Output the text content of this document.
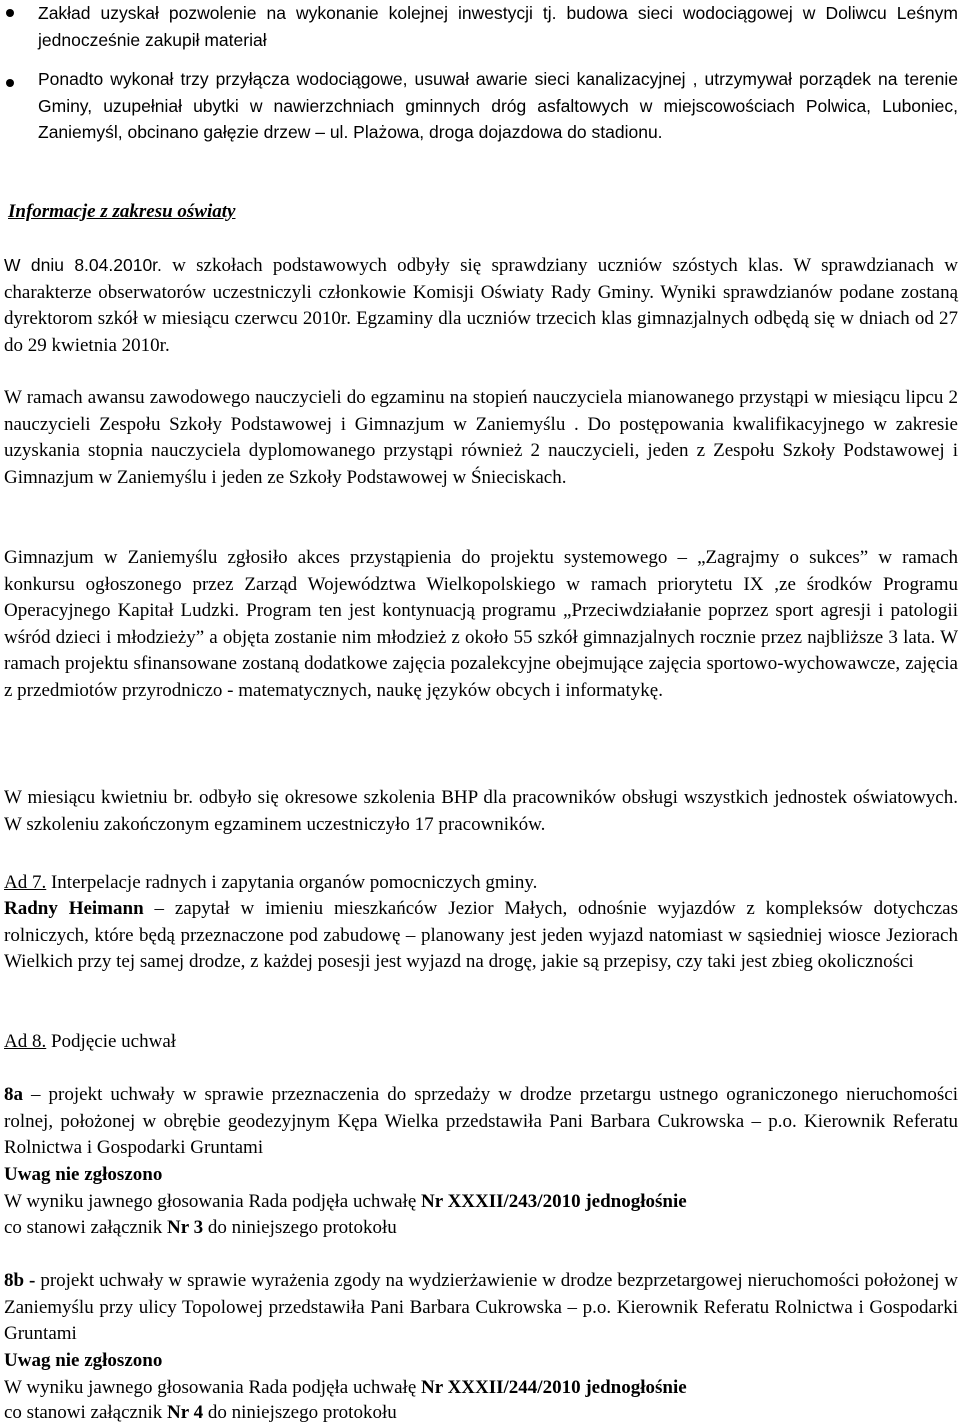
Zakład uzyskał pozwolenie na wykonanie kolejnej inwestycji tj. budowa sieci wodociągowej w Doliwcu Leśnym jednocześnie zakupił materiał

Ponadto wykonał trzy przyłącza wodociągowe, usuwał awarie sieci kanalizacyjnej , utrzymywał porządek na terenie Gminy, uzupełniał ubytki w nawierzchniach gminnych dróg asfaltowych w miejscowościach Polwica, Luboniec, Zaniemyśl, obcinano gałęzie drzew – ul. Plażowa, droga dojazdowa do stadionu.

Informacje z zakresu oświaty

W dniu 8.04.2010r. w szkołach podstawowych odbyły się sprawdziany uczniów szóstych klas. W sprawdzianach w charakterze obserwatorów uczestniczyli członkowie Komisji Oświaty Rady Gminy. Wyniki sprawdzianów podane zostaną dyrektorom szkół w miesiącu czerwcu 2010r. Egzaminy dla uczniów trzecich klas gimnazjalnych odbędą się w dniach od 27 do 29 kwietnia 2010r.

W ramach awansu zawodowego nauczycieli do egzaminu na stopień nauczyciela mianowanego przystąpi w miesiącu lipcu 2 nauczycieli Zespołu Szkoły Podstawowej i Gimnazjum w Zaniemyślu . Do postępowania kwalifikacyjnego w zakresie uzyskania stopnia nauczyciela dyplomowanego przystąpi również 2 nauczycieli, jeden z Zespołu Szkoły Podstawowej i Gimnazjum w Zaniemyślu i jeden ze Szkoły Podstawowej w Śnieciskach.

Gimnazjum w Zaniemyślu zgłosiło akces przystąpienia do projektu systemowego – „Zagrajmy o sukces” w ramach konkursu ogłoszonego przez Zarząd Województwa Wielkopolskiego w ramach priorytetu IX ,ze środków Programu Operacyjnego Kapitał Ludzki. Program ten jest kontynuacją programu „Przeciwdziałanie poprzez sport agresji i patologii wśród dzieci i młodzieży” a objęta zostanie nim młodzież z około 55 szkół gimnazjalnych rocznie przez najbliższe 3 lata. W ramach projektu sfinansowane zostaną dodatkowe zajęcia pozalekcyjne obejmujące zajęcia sportowo-wychowawcze, zajęcia z przedmiotów przyrodniczo - matematycznych, naukę języków obcych i informatykę.

W miesiącu kwietniu br. odbyło się okresowe szkolenia BHP dla pracowników obsługi wszystkich jednostek oświatowych. W szkoleniu zakończonym egzaminem uczestniczyło 17 pracowników.

Ad 7. Interpelacje radnych i zapytania organów pomocniczych gminy.

Radny Heimann – zapytał w imieniu mieszkańców Jezior Małych, odnośnie wyjazdów z kompleksów dotychczas rolniczych, które będą przeznaczone pod zabudowę – planowany jest jeden wyjazd natomiast w sąsiedniej wiosce Jeziorach Wielkich przy tej samej drodze, z każdej posesji jest wyjazd na drogę, jakie są przepisy, czy taki jest zbieg okoliczności

Ad 8. Podjęcie uchwał

8a – projekt uchwały w sprawie przeznaczenia do sprzedaży w drodze przetargu ustnego ograniczonego nieruchomości rolnej, położonej w obrębie geodezyjnym Kępa Wielka przedstawiła Pani Barbara Cukrowska – p.o. Kierownik Referatu Rolnictwa i Gospodarki Gruntami

Uwag nie zgłoszono

W wyniku jawnego głosowania Rada podjęła uchwałę Nr XXXII/243/2010 jednogłośnie

co stanowi załącznik Nr 3 do niniejszego protokołu

8b - projekt uchwały w sprawie wyrażenia zgody na wydzierżawienie w drodze bezprzetargowej nieruchomości położonej w Zaniemyślu przy ulicy Topolowej przedstawiła Pani Barbara Cukrowska – p.o. Kierownik Referatu Rolnictwa i Gospodarki Gruntami

Uwag nie zgłoszono

W wyniku jawnego głosowania Rada podjęła uchwałę Nr XXXII/244/2010 jednogłośnie

co stanowi załącznik Nr 4 do niniejszego protokołu
